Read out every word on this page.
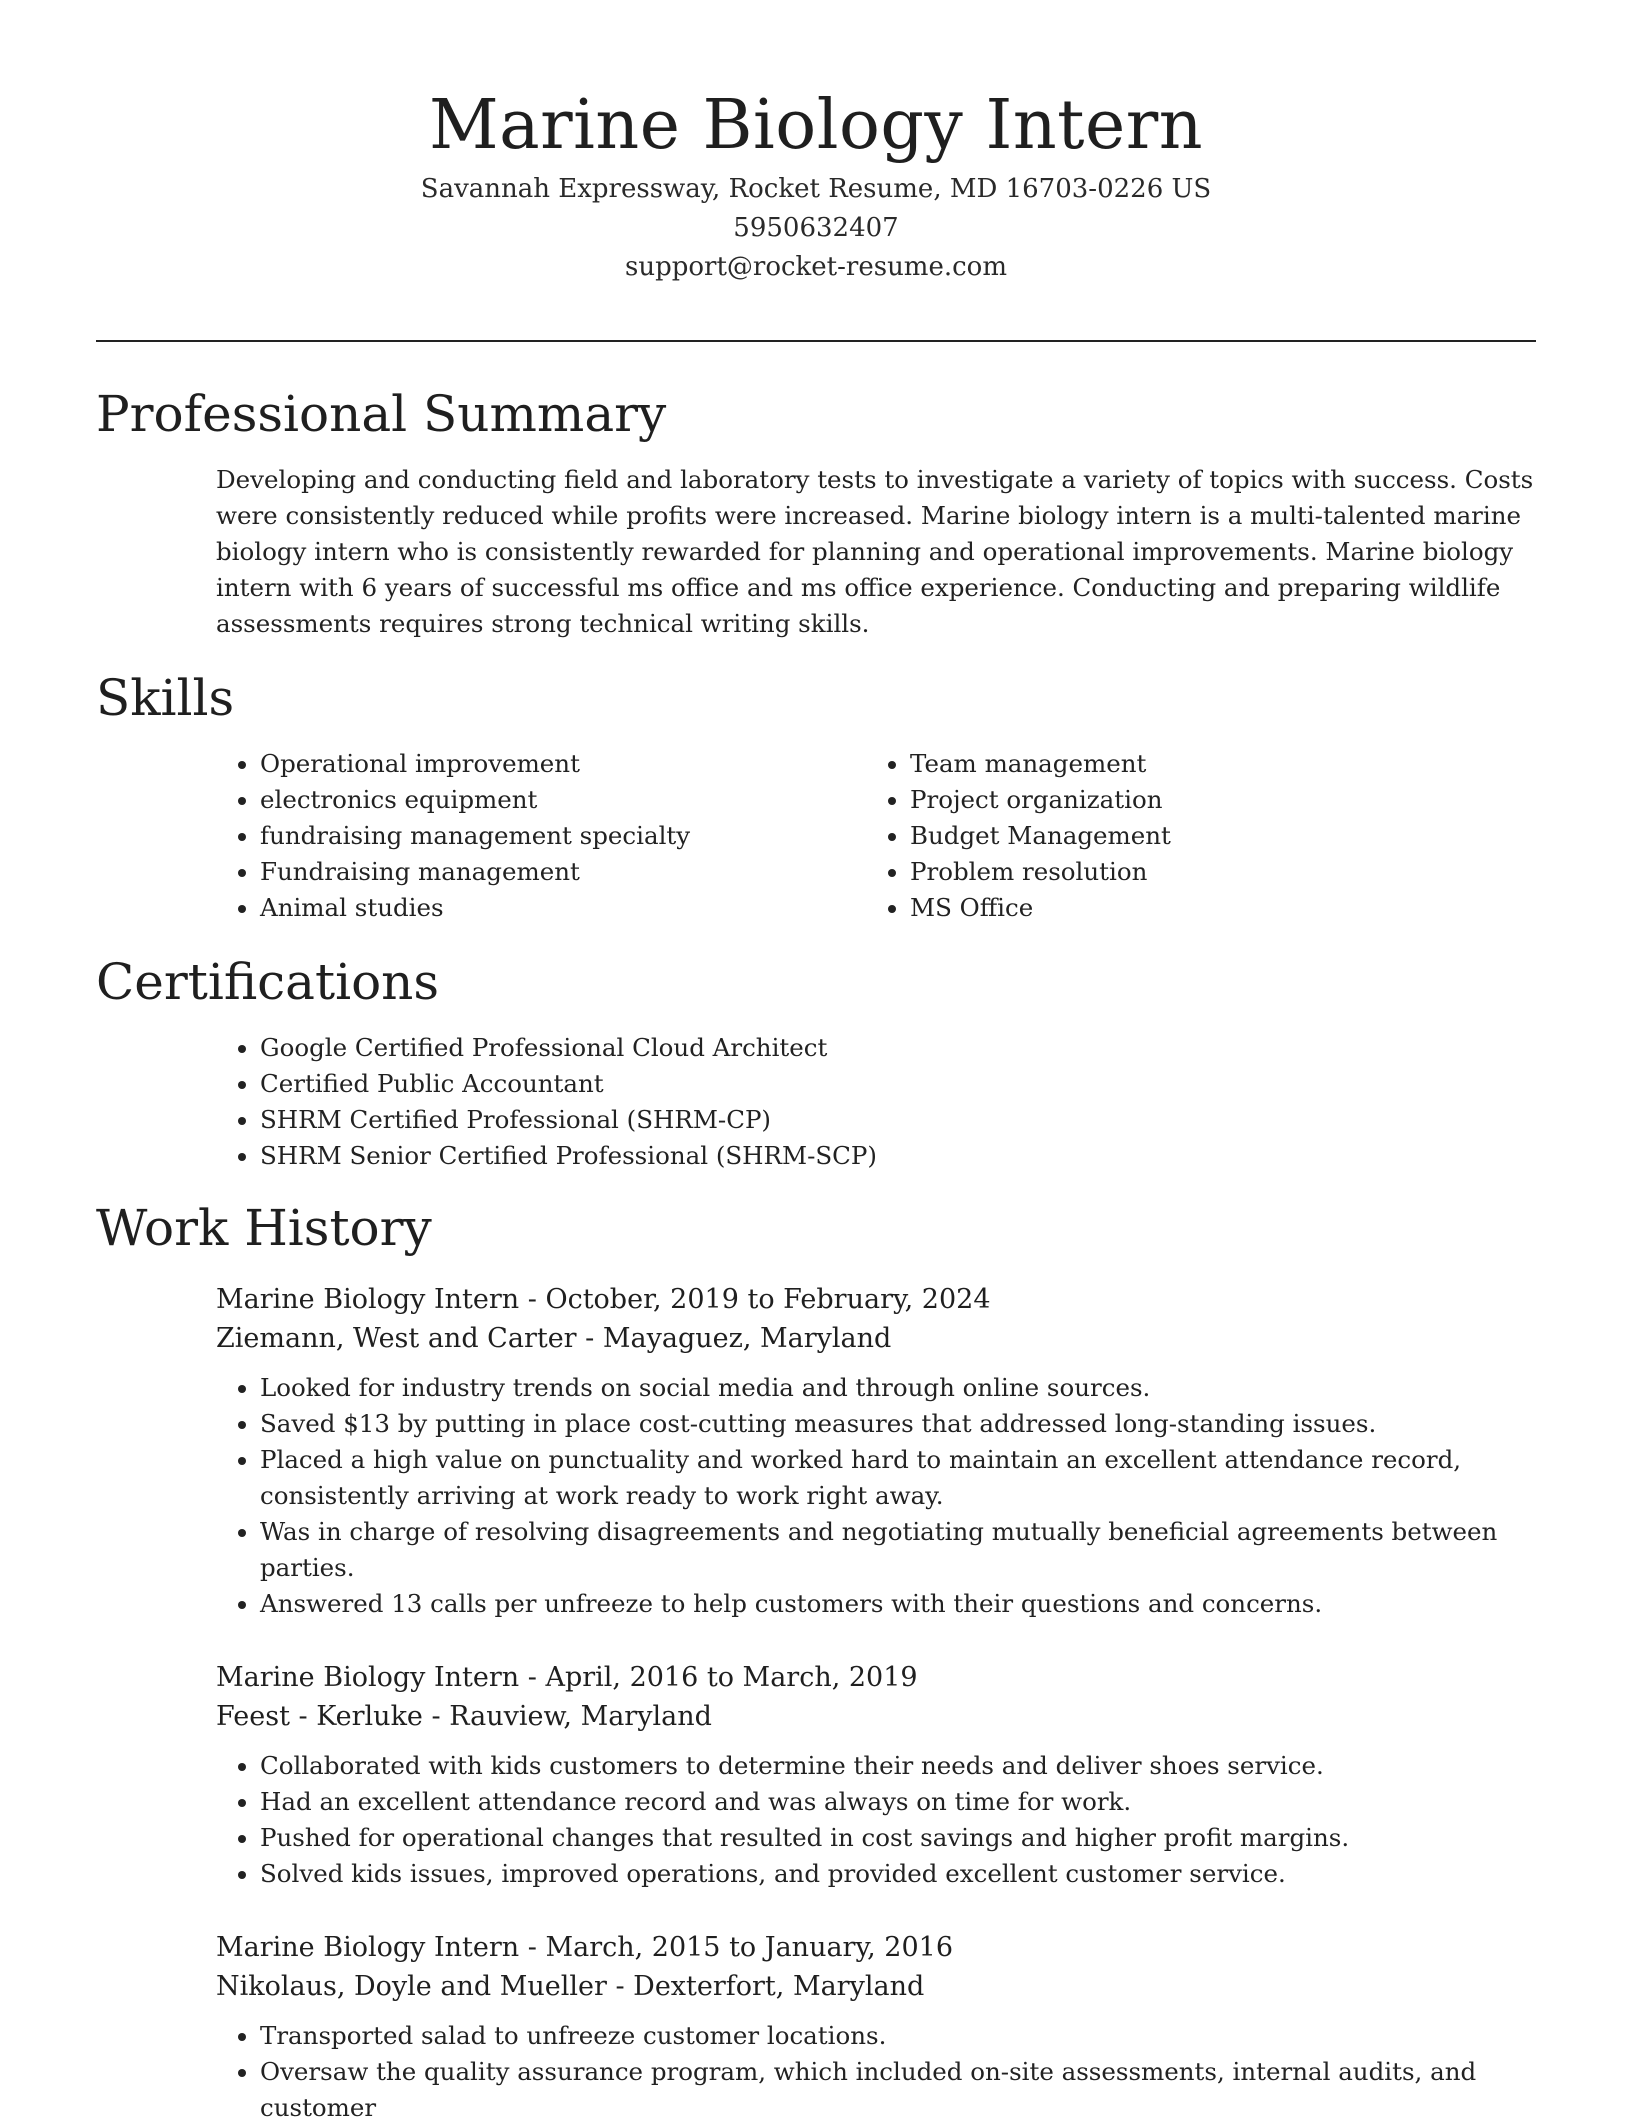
Marine Biology Intern
Savannah Expressway, Rocket Resume, MD 16703-0226 US
5950632407
support@rocket-resume.com
Professional Summary

Developing and conducting field and laboratory tests to investigate a variety of topics with success. Costs were consistently reduced while profits were increased. Marine biology intern is a multi-talented marine biology intern who is consistently rewarded for planning and operational improvements. Marine biology intern with 6 years of successful ms office and ms office experience. Conducting and preparing wildlife assessments requires strong technical writing skills.

Skills
• Operational improvement
• electronics equipment
• fundraising management specialty
• Fundraising management
• Animal studies
• Team management
• Project organization
• Budget Management
• Problem resolution
• MS Office
Certifications
• Google Certified Professional Cloud Architect
• Certified Public Accountant
• SHRM Certified Professional (SHRM-CP)
• SHRM Senior Certified Professional (SHRM-SCP)
Work History
Marine Biology Intern - October, 2019 to February, 2024
Ziemann, West and Carter - Mayaguez, Maryland
• Looked for industry trends on social media and through online sources.
• Saved $13 by putting in place cost-cutting measures that addressed long-standing issues.
• Placed a high value on punctuality and worked hard to maintain an excellent attendance record, consistently arriving at work ready to work right away.
• Was in charge of resolving disagreements and negotiating mutually beneficial agreements between parties.
• Answered 13 calls per unfreeze to help customers with their questions and concerns.
Marine Biology Intern - April, 2016 to March, 2019
Feest - Kerluke - Rauview, Maryland
• Collaborated with kids customers to determine their needs and deliver shoes service.
• Had an excellent attendance record and was always on time for work.
• Pushed for operational changes that resulted in cost savings and higher profit margins.
• Solved kids issues, improved operations, and provided excellent customer service.
Marine Biology Intern - March, 2015 to January, 2016
Nikolaus, Doyle and Mueller - Dexterfort, Maryland
• Transported salad to unfreeze customer locations.
• Oversaw the quality assurance program, which included on-site assessments, internal audits, and customer
